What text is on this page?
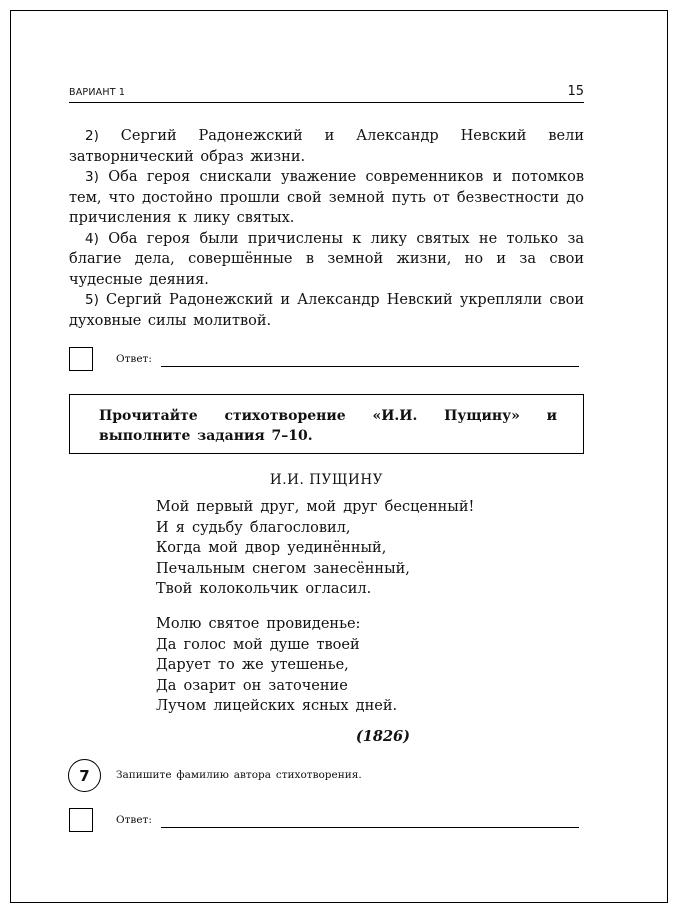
ВАРИАНТ 1	15

2) Сергий Радонежский и Александр Невский вели затворнический образ жизни.

3) Оба героя снискали уважение современников и потомков тем, что достойно прошли свой земной путь от безвестности до причисления к лику святых.

4) Оба героя были причислены к лику святых не только за благие дела, совершённые в земной жизни, но и за свои чудесные деяния.

5) Сергий Радонежский и Александр Невский укрепляли свои духовные силы молитвой.

Ответ:
Прочитайте стихотворение «И.И. Пущину» и выполните задания 7–10.
И.И. ПУЩИНУ

Мой первый друг, мой друг бесценный!
И я судьбу благословил,
Когда мой двор уединённый,
Печальным снегом занесённый,
Твой колокольчик огласил.

Молю святое провиденье:
Да голос мой душе твоей
Дарует то же утешенье,
Да озарит он заточение
Лучом лицейских ясных дней.

(1826)
7	Запишите фамилию автора стихотворения.
Ответ:
